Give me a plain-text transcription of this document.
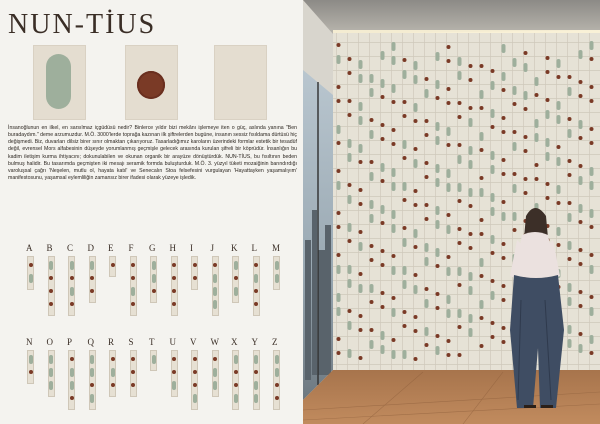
NUN-TİUS

İnsanoğlunun en ilkel, en sarsılmaz içgüdüsü nedir? Binlerce yıldır bizi mekânı işlemeye iten o güç, aslında yanına "Ben buradaydım." deme arzumuzdur. M.Ö. 3000'lerde toprağa kazınan ilk şiftrelerden bugüne, insanın sessiz fısıldama dürtüsü hiç değişmedi. Biz, duvarları dilsiz birer sınır olmaktan çıkarıyoruz. Tasarladığımız karoların üzerindeki formlar estetik bir tesadüf değil, evrensel Mors alfabesinin düşeyde yorumlanmış geçmişle gelecek arasında kurulan şifreli bir köprüdür. İnsanlığın bu kadim iletişim kurma ihtiyacını; dokunulabilen ve okunan organik bir arayüze dönüştürdük. NUN-TİUS, bu fısıltının beden bulmuş halidir. Bu tasarımda geçmişten iki mesajı seramik formda buluşturduk. M.Ö. 3. yüzyıl tüketi mozaiğinin barındırdığı varoluşsal çağrı 'Neşelen, mutlu ol, hayata katıl' ve Senecalın Stoa felsefesini vurgulayan 'Hayattayken yaşamalıyım' manifestosunu, yaşamsal eylemliliğin zamansız birer ifadesi olarak yüzeye işledik.

A B C D E F G H I J K L M
N O P Q R S T U V W X Y Z
